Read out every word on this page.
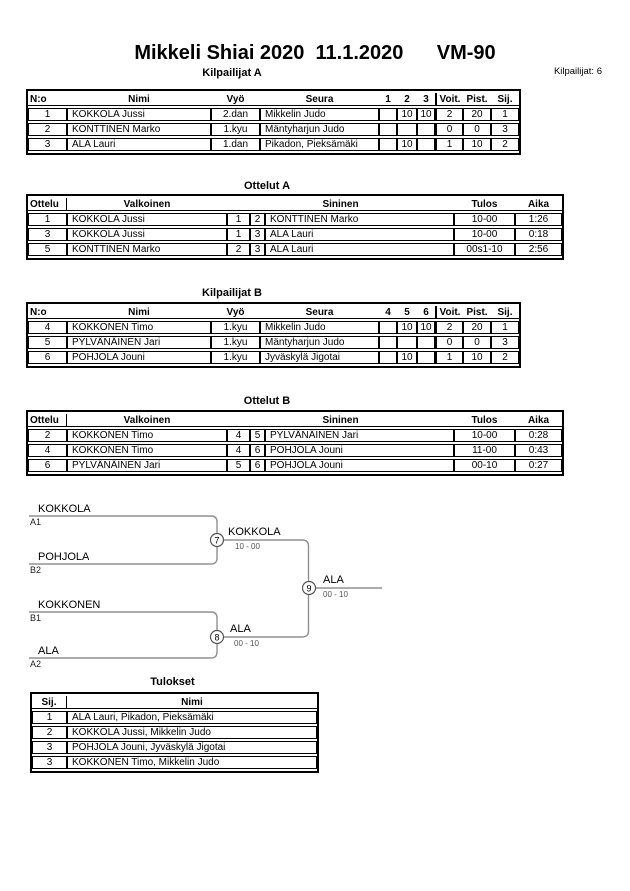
Mikkeli Shiai 2020  11.1.2020      VM-90
Kilpailijat: 6
Kilpailijat A
N:o	Nimi	Vyö	Seura	1	2	3	Voit.	Pist.	Sij.
1	KOKKOLA Jussi	2.dan	Mikkelin Judo		10	10	2	20	1
2	KONTTINEN Marko	1.kyu	Mäntyharjun Judo				0	0	3
3	ALA Lauri	1.dan	Pikadon, Pieksämäki		10		1	10	2
Ottelut A
Ottelu	Valkoinen	Sininen			Tulos	Aika
1	KOKKOLA Jussi	1	2	KONTTINEN Marko	10-00	1:26
3	KOKKOLA Jussi	1	3	ALA Lauri	10-00	0:18
5	KONTTINEN Marko	2	3	ALA Lauri	00s1-10	2:56
Kilpailijat B
N:o	Nimi	Vyö	Seura	4	5	6	Voit.	Pist.	Sij.
4	KOKKONEN Timo	1.kyu	Mikkelin Judo		10	10	2	20	1
5	PYLVÄNÄINEN Jari	1.kyu	Mäntyharjun Judo				0	0	3
6	POHJOLA Jouni	1.kyu	Jyväskylä Jigotai		10		1	10	2
Ottelut B
Ottelu	Valkoinen	Sininen			Tulos	Aika
2	KOKKONEN Timo	4	5	PYLVÄNÄINEN Jari	10-00	0:28
4	KOKKONEN Timo	4	6	POHJOLA Jouni	11-00	0:43
6	PYLVÄNÄINEN Jari	5	6	POHJOLA Jouni	00-10	0:27
7
8
9
KOKKOLA
A1
POHJOLA
B2
KOKKONEN
B1
ALA
A2
KOKKOLA
10 - 00
ALA
00 - 10
ALA
00 - 10
Tulokset
Sij.	Nimi
1	ALA Lauri, Pikadon, Pieksämäki
2	KOKKOLA Jussi, Mikkelin Judo
3	POHJOLA Jouni, Jyväskylä Jigotai
3	KOKKONEN Timo, Mikkelin Judo
